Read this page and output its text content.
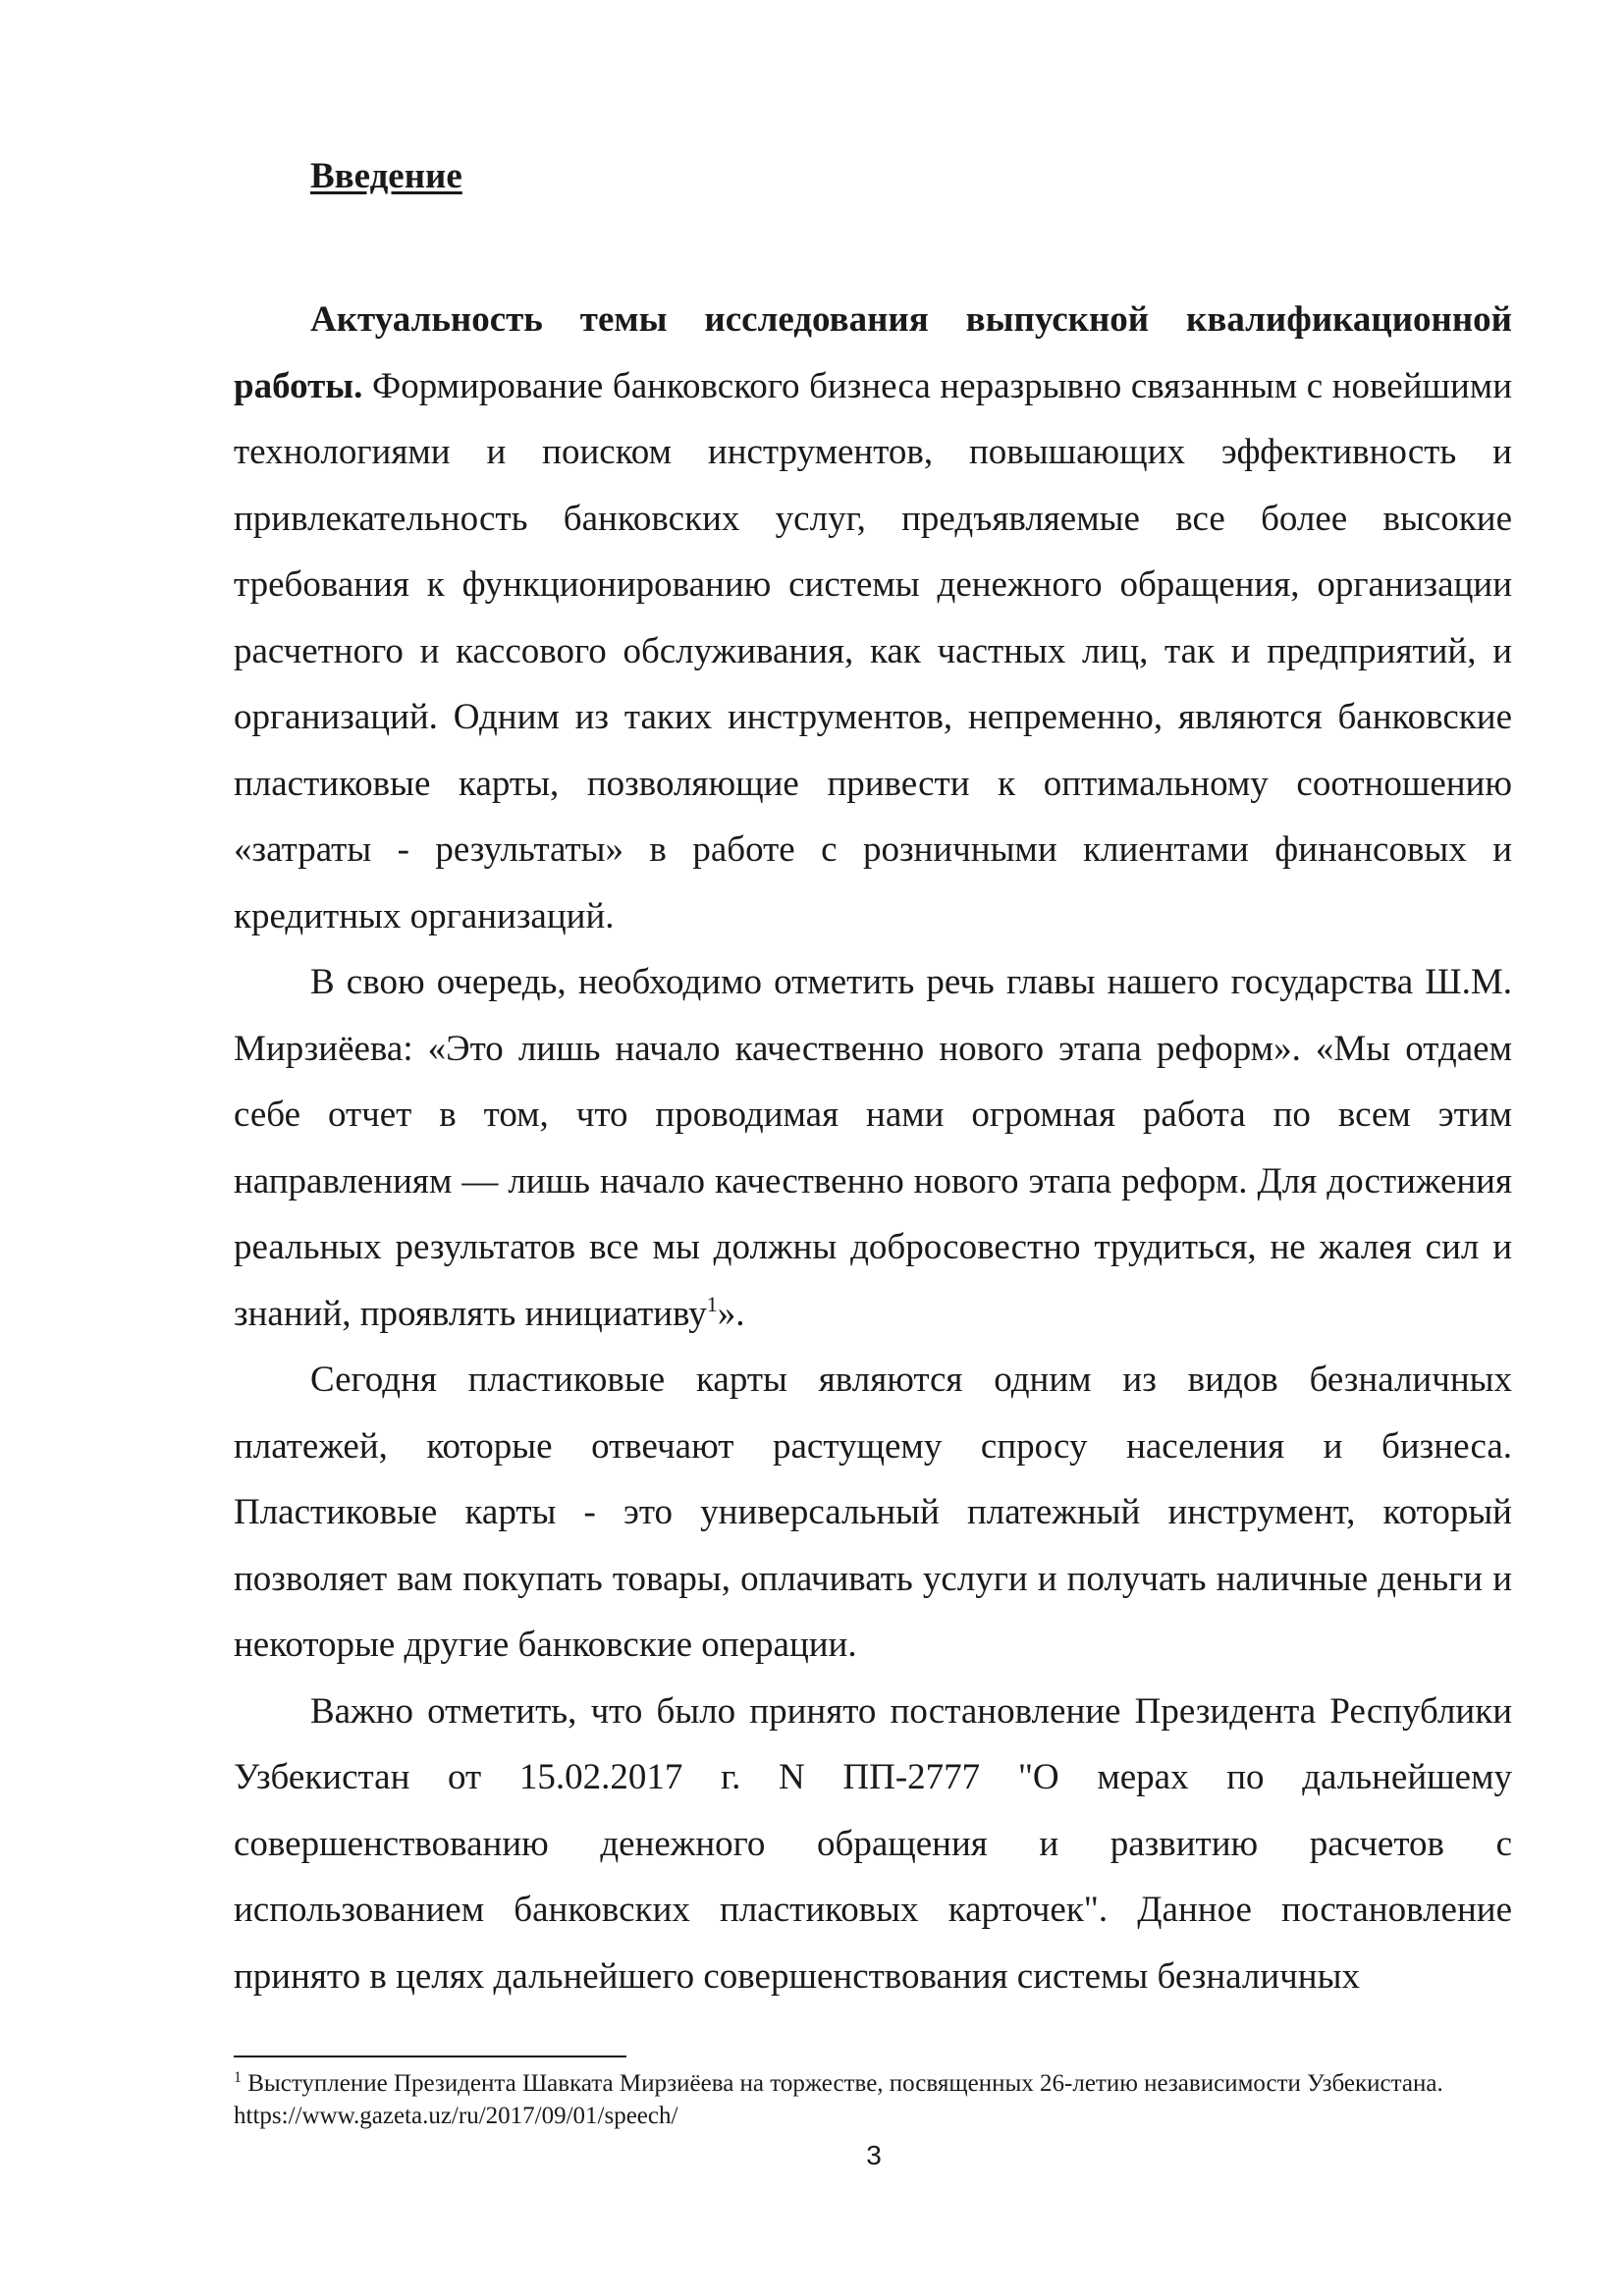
Введение

Актуальность темы исследования выпускной квалификационной работы. Формирование банковского бизнеса неразрывно связанным с новейшими технологиями и поиском инструментов, повышающих эффективность и привлекательность банковских услуг, предъявляемые все более высокие требования к функционированию системы денежного обращения, организации расчетного и кассового обслуживания, как частных лиц, так и предприятий, и организаций. Одним из таких инструментов, непременно, являются банковские пластиковые карты, позволяющие привести к оптимальному соотношению «затраты - результаты» в работе с розничными клиентами финансовых и кредитных организаций.

В свою очередь, необходимо отметить речь главы нашего государства Ш.М. Мирзиёева: «Это лишь начало качественно нового этапа реформ». «Мы отдаем себе отчет в том, что проводимая нами огромная работа по всем этим направлениям — лишь начало качественно нового этапа реформ. Для достижения реальных результатов все мы должны добросовестно трудиться, не жалея сил и знаний, проявлять инициативу$^1$».

Сегодня пластиковые карты являются одним из видов безналичных платежей, которые отвечают растущему спросу населения и бизнеса. Пластиковые карты - это универсальный платежный инструмент, который позволяет вам покупать товары, оплачивать услуги и получать наличные деньги и некоторые другие банковские операции.

Важно отметить, что было принято постановление Президента Республики Узбекистан от 15.02.2017 г. N ПП-2777 "О мерах по дальнейшему совершенствованию денежного обращения и развитию расчетов с использованием банковских пластиковых карточек". Данное постановление принято в целях дальнейшего совершенствования системы безналичных

$^1$ Выступление Президента Шавката Мирзиёева на торжестве, посвященных 26-летию независимости Узбекистана. https://www.gazeta.uz/ru/2017/09/01/speech/

3
